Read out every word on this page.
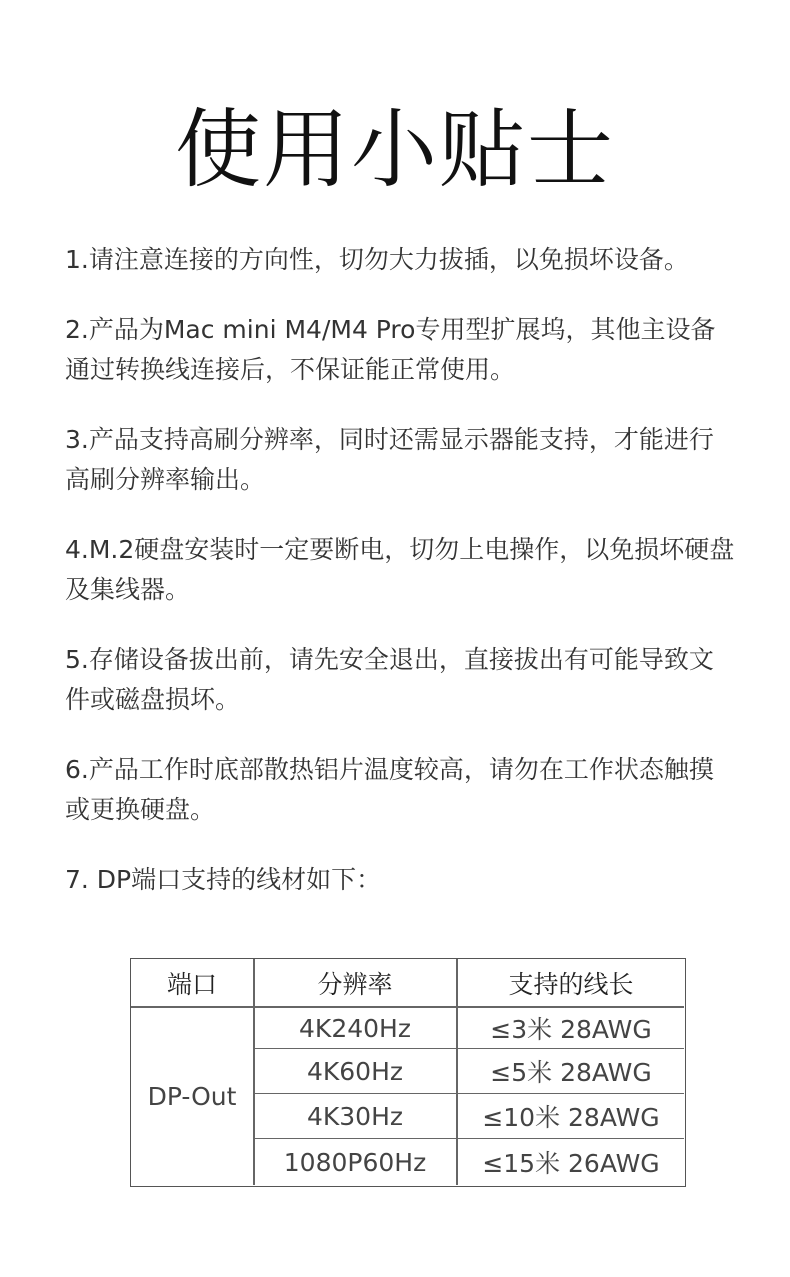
使用小贴士

1.请注意连接的方向性，切勿大力拔插，以免损坏设备。

2.产品为Mac mini M4/M4 Pro专用型扩展坞，其他主设备通过转换线连接后，不保证能正常使用。

3.产品支持高刷分辨率，同时还需显示器能支持，才能进行高刷分辨率输出。

4.M.2硬盘安装时一定要断电，切勿上电操作，以免损坏硬盘及集线器。

5.存储设备拔出前，请先安全退出，直接拔出有可能导致文件或磁盘损坏。

6.产品工作时底部散热铝片温度较高，请勿在工作状态触摸或更换硬盘。

7. DP端口支持的线材如下：

端口	分辨率	支持的线长
DP-Out
4K240Hz	≤3米 28AWG
4K60Hz	≤5米 28AWG
4K30Hz	≤10米 28AWG
1080P60Hz	≤15米 26AWG
